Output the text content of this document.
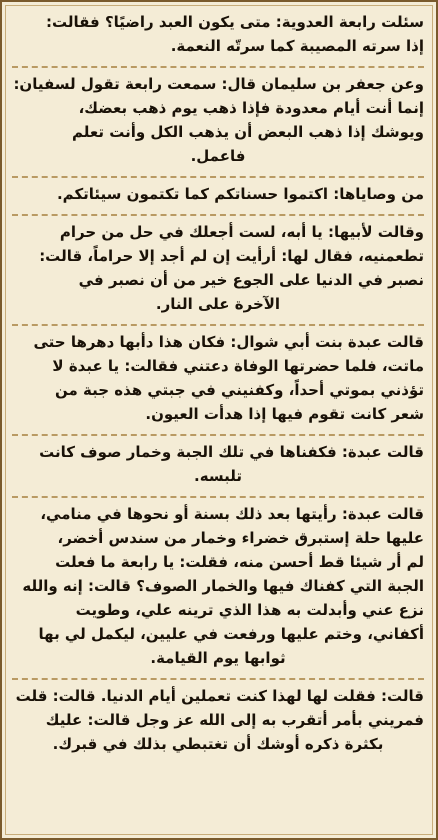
سئلت رابعة العدوية: متى يكون العبد راضيًا؟ فقالت:
إذا سرته المصيبة كما سرتّه النعمة.
وعن جعفر بن سليمان قال: سمعت رابعة تقول لسفيان:
إنما أنت أيام معدودة فإذا ذهب يوم ذهب بعضك،
ويوشك إذا ذهب البعض أن يذهب الكل وأنت تعلم
فاعمل.
من وصاياها: اكتموا حسناتكم كما تكتمون سيئاتكم.
وقالت لأبيها: يا أبه، لست أجعلك في حل من حرام
تطعمنيه، فقال لها: أرأيت إن لم أجد إلا حراماً، قالت:
نصبر في الدنيا على الجوع خير من أن نصبر في
الآخرة على النار.
قالت عبدة بنت أبي شوال: فكان هذا دأبها دهرها حتى
ماتت، فلما حضرتها الوفاة دعتني فقالت: يا عبدة لا
تؤذني بموتي أحداً، وكفنيني في جبتي هذه جبة من
شعر كانت تقوم فيها إذا هدأت العيون.
قالت عبدة: فكفناها في تلك الجبة وخمار صوف كانت
تلبسه.
قالت عبدة: رأيتها بعد ذلك بسنة أو نحوها في منامي،
عليها حلة إستبرق خضراء وخمار من سندس أخضر،
لم أر شيئا قط أحسن منه، فقلت: يا رابعة ما فعلت
الجبة التي كفناك فيها والخمار الصوف؟ قالت: إنه والله
نزع عني وأبدلت به هذا الذي ترينه علي، وطويت
أكفاني، وختم عليها ورفعت في عليين، ليكمل لي بها
ثوابها يوم القيامة.
قالت: فقلت لها لهذا كنت تعملين أيام الدنيا. قالت: قلت
فمريني بأمر أتقرب به إلى الله عز وجل قالت: عليك
بكثرة ذكره أوشك أن تغتبطي بذلك في قبرك.
